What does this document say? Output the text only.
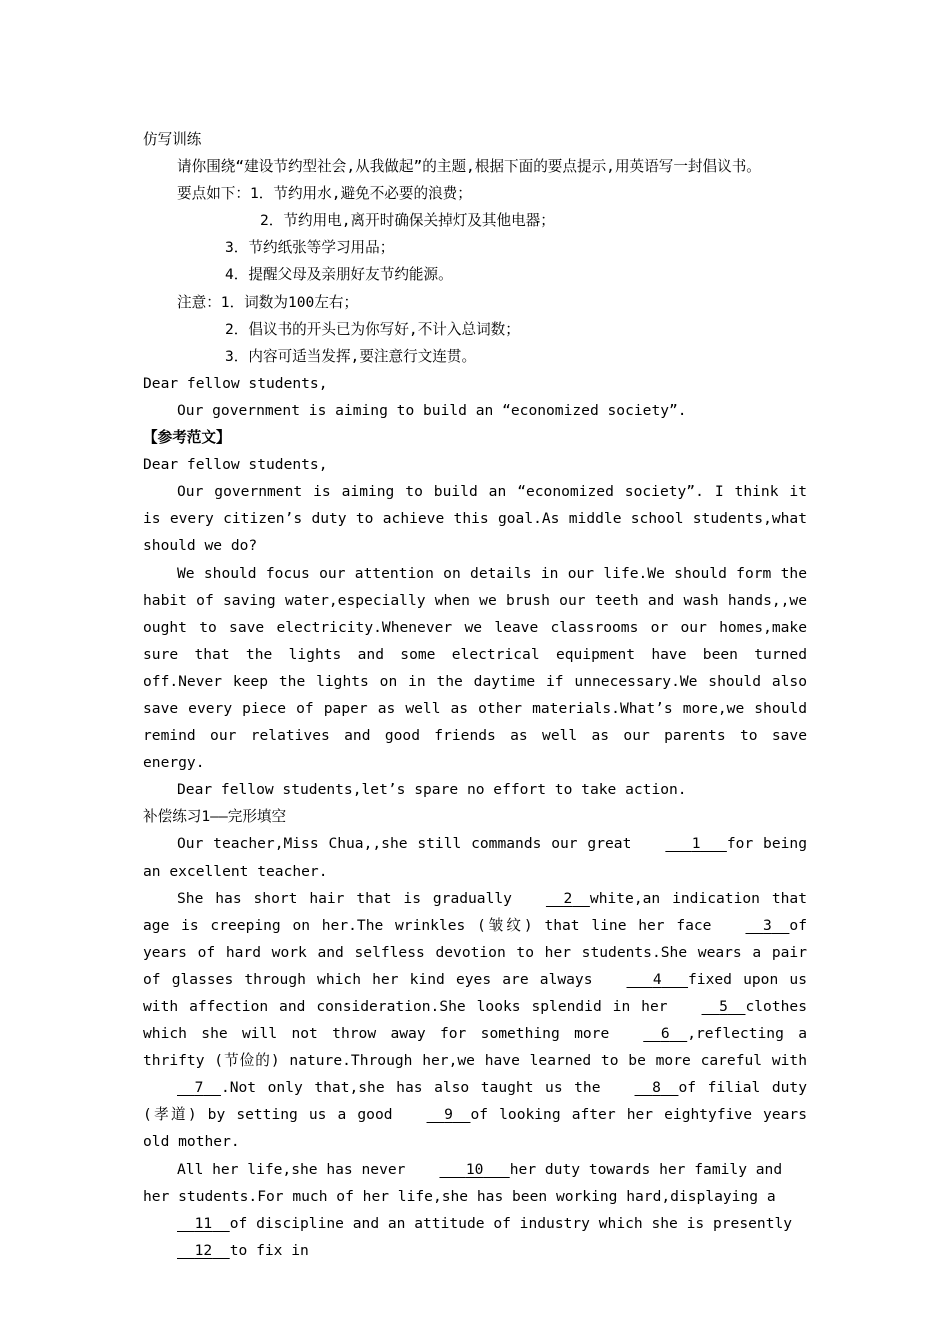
仿写训练

请你围绕“建设节约型社会,从我做起”的主题,根据下面的要点提示,用英语写一封倡议书。

要点如下：1．节约用水,避免不必要的浪费；

2．节约用电,离开时确保关掉灯及其他电器；

3．节约纸张等学习用品；

4．提醒父母及亲朋好友节约能源。

注意：1．词数为100左右；

2．倡议书的开头已为你写好,不计入总词数；

3．内容可适当发挥,要注意行文连贯。

Dear fellow students,

Our government is aiming to build an “economized society”.

【参考范文】

Dear fellow students,

Our government is aiming to build an “economized society”. I think it is every citizen’s duty to achieve this goal.As middle school students,what should we do?

We should focus our attention on details in our life.We should form the habit of saving water,especially when we brush our teeth and wash hands,,we ought to save electricity.Whenever we leave classrooms or our homes,make sure that the lights and some electrical equipment have been turned off.Never keep the lights on in the daytime if unnecessary.We should also save every piece of paper as well as other materials.What’s more,we should remind our relatives and good friends as well as our parents to save energy.

Dear fellow students,let’s spare no effort to take action.

补偿练习1——完形填空

Our teacher,Miss Chua,,she still commands our great	1 for being an excellent teacher.

She has short hair that is gradually	2 white,an indication that age is creeping on her.The wrinkles (皱纹) that line her face	3 of years of hard work and selfless devotion to her students.She wears a pair of glasses through which her kind eyes are always	4 fixed upon us with affection and consideration.She looks splendid in her	5 clothes which she will not throw away for something more	6 ,reflecting a thrifty (节俭的) nature.Through her,we have learned to be more careful with  7 .Not only that,she has also taught us the	8 of filial duty (孝道) by setting us a good	9 of looking after her eightyfive years old mother.

All her life,she has never	10 her duty towards her family and her students.For much of her life,she has been working hard,displaying a  11 of discipline and an attitude of industry which she is presently  12 to fix in
